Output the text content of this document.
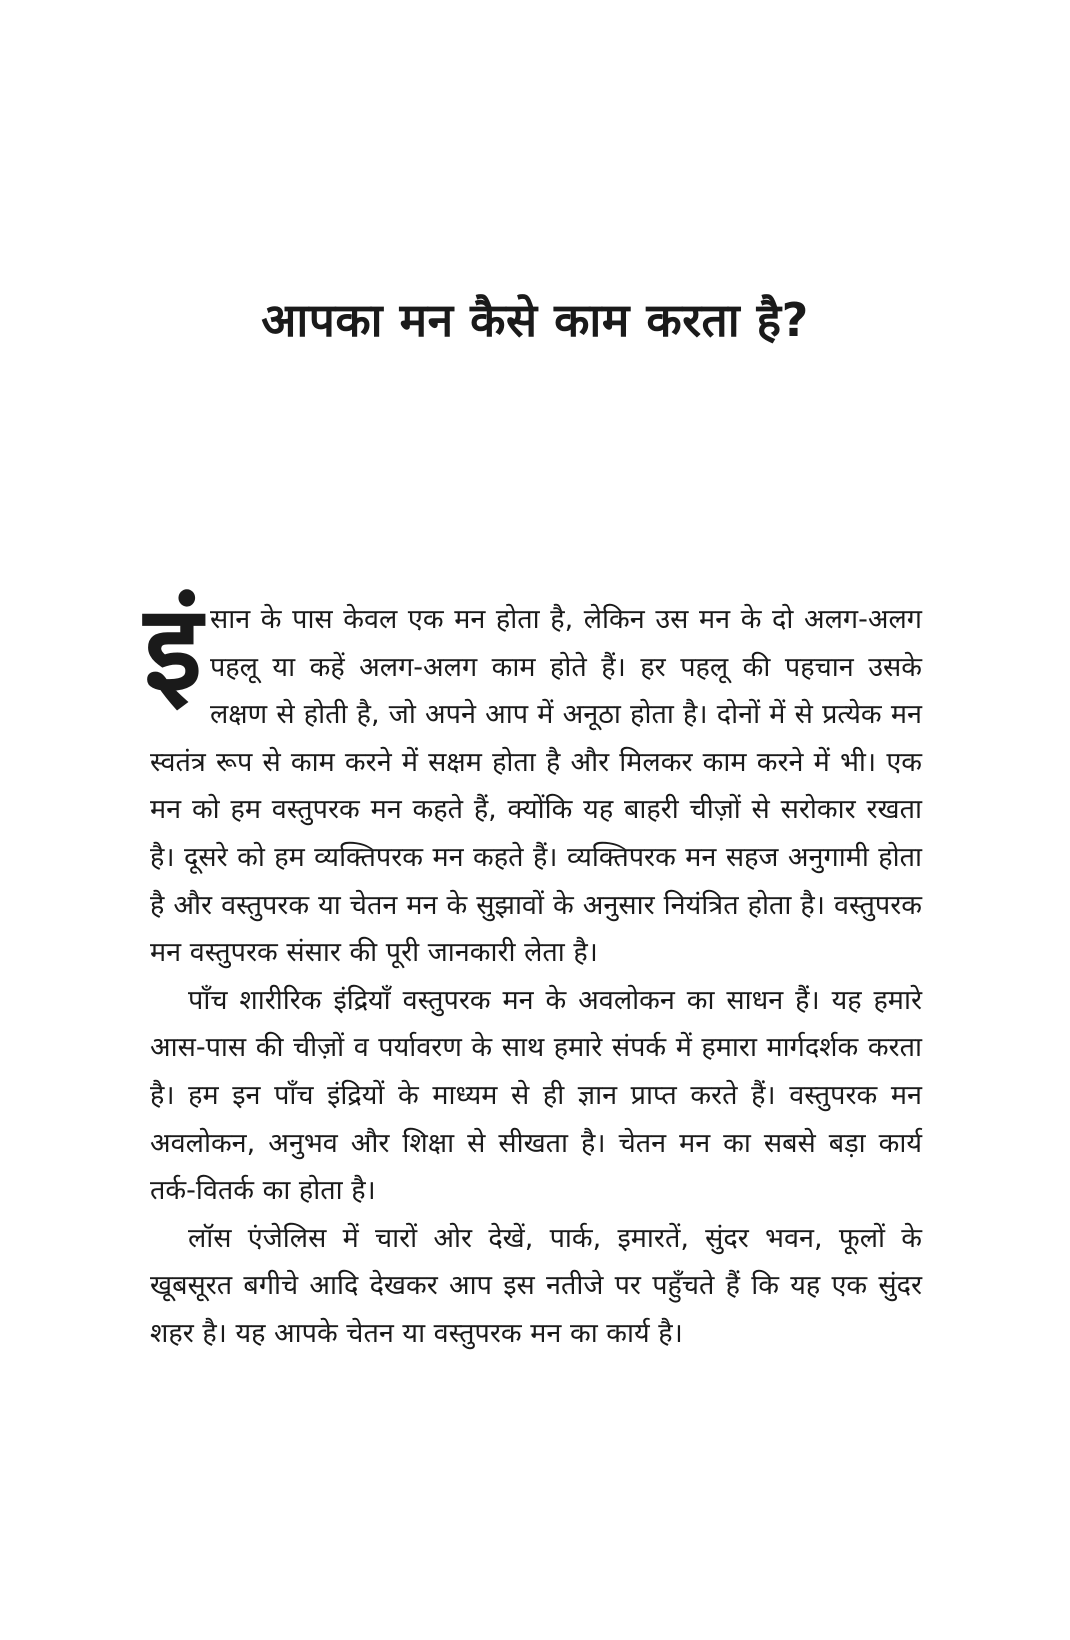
आपका मन कैसे काम करता है?

इंसान के पास केवल एक मन होता है, लेकिन उस मन के दो अलग-अलग पहलू या कहें अलग-अलग काम होते हैं। हर पहलू की पहचान उसके लक्षण से होती है, जो अपने आप में अनूठा होता है। दोनों में से प्रत्येक मन स्वतंत्र रूप से काम करने में सक्षम होता है और मिलकर काम करने में भी। एक मन को हम वस्तुपरक मन कहते हैं, क्योंकि यह बाहरी चीज़ों से सरोकार रखता है। दूसरे को हम व्यक्तिपरक मन कहते हैं। व्यक्तिपरक मन सहज अनुगामी होता है और वस्तुपरक या चेतन मन के सुझावों के अनुसार नियंत्रित होता है। वस्तुपरक मन वस्तुपरक संसार की पूरी जानकारी लेता है।

पाँच शारीरिक इंद्रियाँ वस्तुपरक मन के अवलोकन का साधन हैं। यह हमारे आस-पास की चीज़ों व पर्यावरण के साथ हमारे संपर्क में हमारा मार्गदर्शक करता है। हम इन पाँच इंद्रियों के माध्यम से ही ज्ञान प्राप्त करते हैं। वस्तुपरक मन अवलोकन, अनुभव और शिक्षा से सीखता है। चेतन मन का सबसे बड़ा कार्य तर्क-वितर्क का होता है।

लॉस एंजेलिस में चारों ओर देखें, पार्क, इमारतें, सुंदर भवन, फूलों के खूबसूरत बगीचे आदि देखकर आप इस नतीजे पर पहुँचते हैं कि यह एक सुंदर शहर है। यह आपके चेतन या वस्तुपरक मन का कार्य है।
